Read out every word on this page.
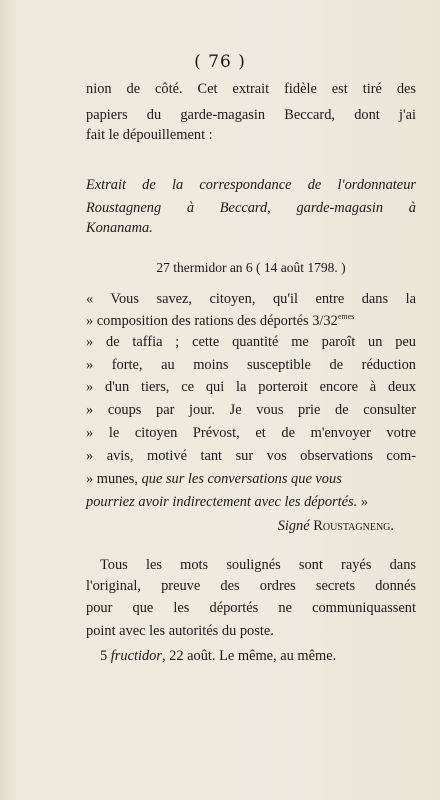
( 76 )
nion de côté. Cet extrait fidèle est tiré des
papiers du garde-magasin Beccard, dont j'ai
fait le dépouillement :
Extrait de la correspondance de l'ordonnateur
Roustagneng à Beccard, garde-magasin à
Konanama.
27 thermidor an 6 ( 14 août 1798. )
« Vous savez, citoyen, qu'il entre dans la
» composition des rations des déportés 3/32emes
» de taffia ; cette quantité me paroît un peu
» forte, au moins susceptible de réduction
» d'un tiers, ce qui la porteroit encore à deux
» coups par jour. Je vous prie de consulter
» le citoyen Prévost, et de m'envoyer votre
» avis, motivé tant sur vos observations com-
» munes, que sur les conversations que vous
pourriez avoir indirectement avec les déportés. »
Signé Roustagneng.
Tous les mots soulignés sont rayés dans
l'original, preuve des ordres secrets donnés
pour que les déportés ne communiquassent
point avec les autorités du poste.
5 fructidor, 22 août. Le même, au même.
